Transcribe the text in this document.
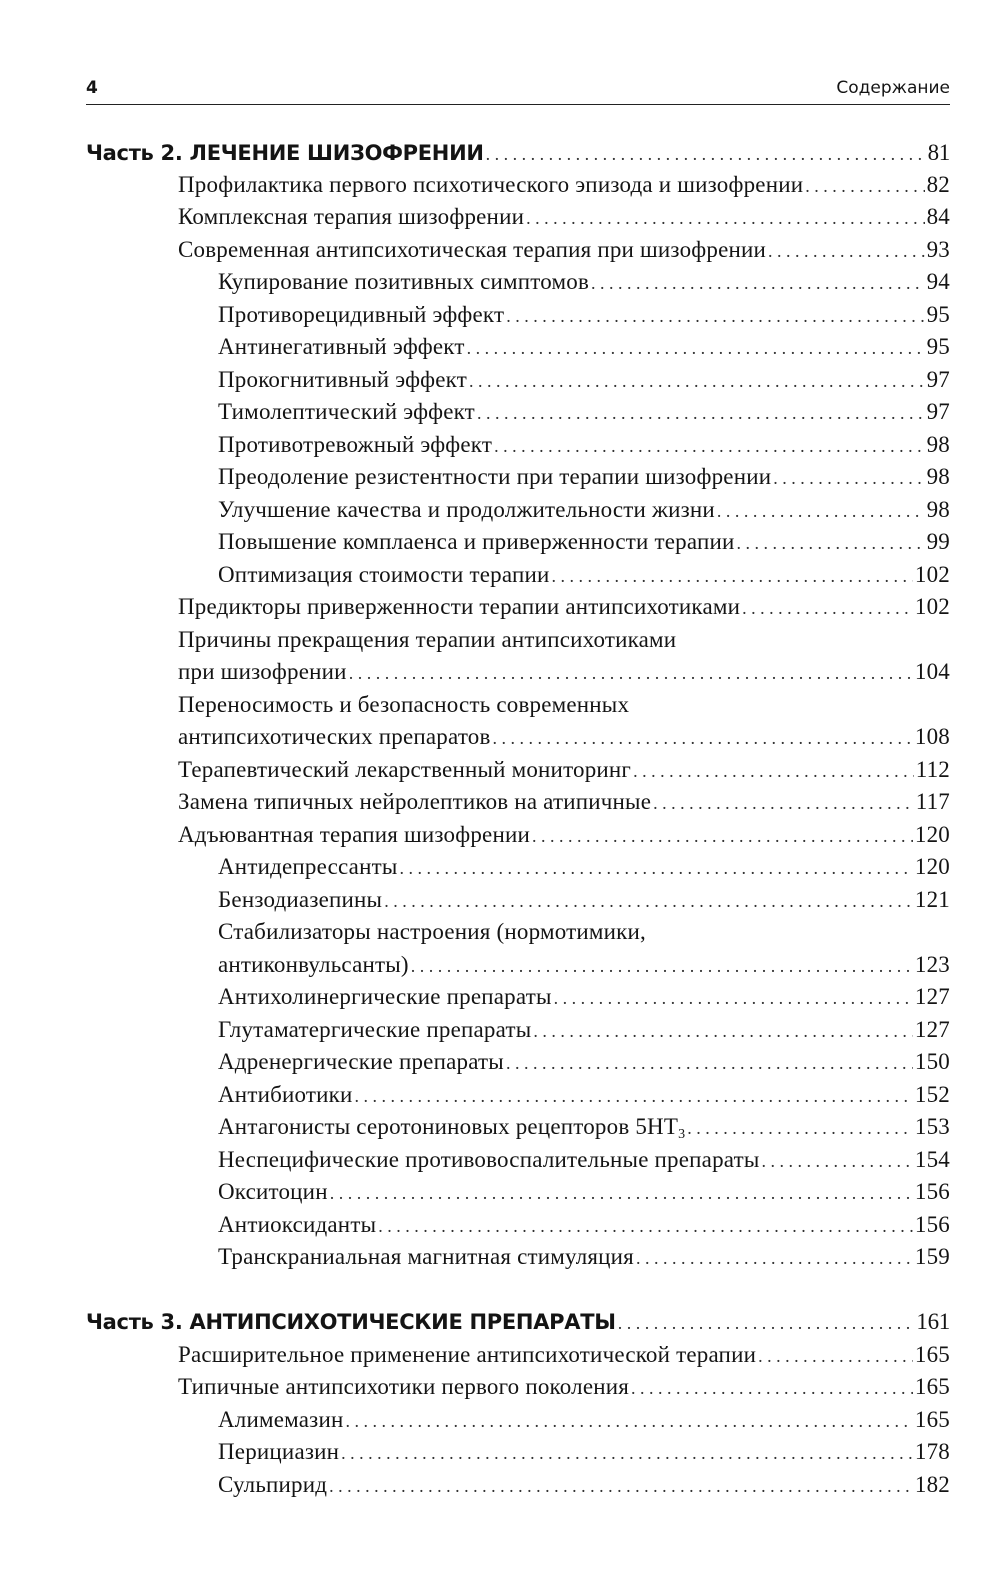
4	Содержание
Часть 2. ЛЕЧЕНИЕ ШИЗОФРЕНИИ . . .	81
Профилактика первого психотического эпизода и шизофрении . . .	82
Комплексная терапия шизофрении . . .	84
Современная антипсихотическая терапия при шизофрении . . .	93
Купирование позитивных симптомов . . .	94
Противорецидивный эффект . . .	95
Антинегативный эффект . . .	95
Прокогнитивный эффект . . .	97
Тимолептический эффект . . .	97
Противотревожный эффект . . .	98
Преодоление резистентности при терапии шизофрении . . .	98
Улучшение качества и продолжительности жизни . . .	98
Повышение комплаенса и приверженности терапии . . .	99
Оптимизация стоимости терапии . . .	102
Предикторы приверженности терапии антипсихотиками . . .	102
Причины прекращения терапии антипсихотиками
при шизофрении . . .	104
Переносимость и безопасность современных
антипсихотических препаратов . . .	108
Терапевтический лекарственный мониторинг . . .	112
Замена типичных нейролептиков на атипичные . . .	117
Адъювантная терапия шизофрении . . .	120
Антидепрессанты . . .	120
Бензодиазепины . . .	121
Стабилизаторы настроения (нормотимики,
антиконвульсанты) . . .	123
Антихолинергические препараты . . .	127
Глутаматергические препараты . . .	127
Адренергические препараты . . .	150
Антибиотики . . .	152
Антагонисты серотониновых рецепторов $5HT_3$ . . .	153
Неспецифические противовоспалительные препараты . . .	154
Окситоцин . . .	156
Антиоксиданты . . .	156
Транскраниальная магнитная стимуляция . . .	159
Часть 3. АНТИПСИХОТИЧЕСКИЕ ПРЕПАРАТЫ . . .	161
Расширительное применение антипсихотической терапии . . .	165
Типичные антипсихотики первого поколения . . .	165
Алимемазин . . .	165
Перициазин . . .	178
Сульпирид . . .	182
